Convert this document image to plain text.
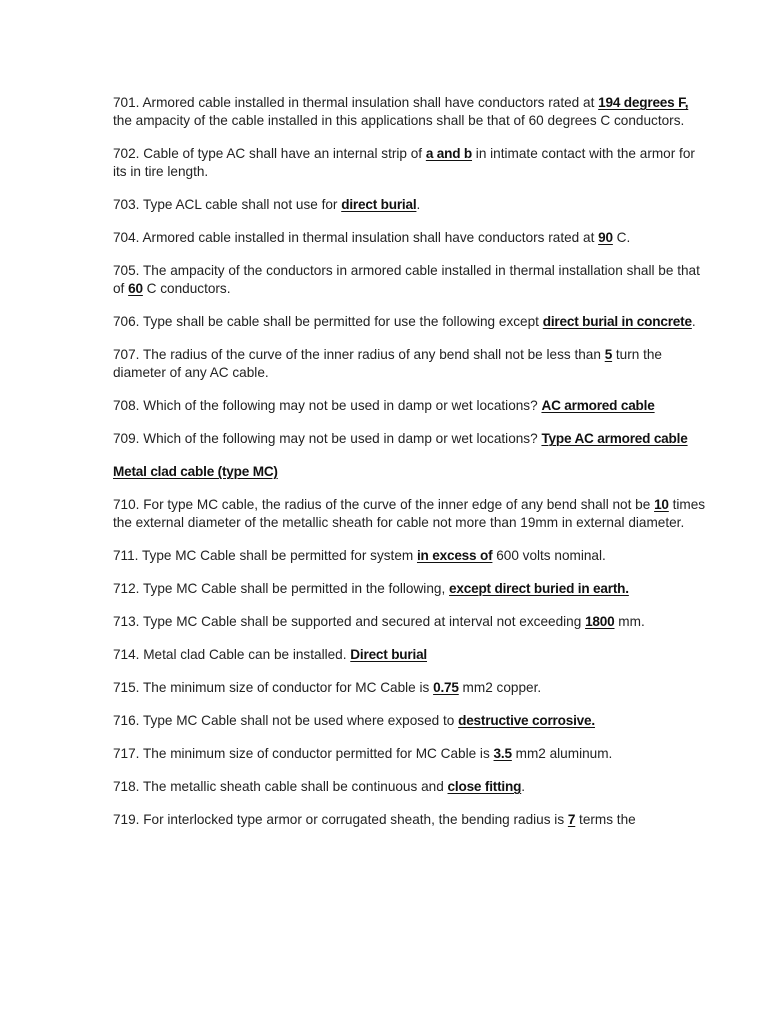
701. Armored cable installed in thermal insulation shall have conductors rated at 194 degrees F, the ampacity of the cable installed in this applications shall be that of 60 degrees C conductors.

702. Cable of type AC shall have an internal strip of a and b in intimate contact with the armor for its in tire length.

703. Type ACL cable shall not use for direct burial.

704. Armored cable installed in thermal insulation shall have conductors rated at 90 C.

705. The ampacity of the conductors in armored cable installed in thermal installation shall be that of 60 C conductors.

706. Type shall be cable shall be permitted for use the following except direct burial in concrete.

707. The radius of the curve of the inner radius of any bend shall not be less than 5 turn the diameter of any AC cable.

708. Which of the following may not be used in damp or wet locations? AC armored cable

709. Which of the following may not be used in damp or wet locations? Type AC armored cable

Metal clad cable (type MC)

710. For type MC cable, the radius of the curve of the inner edge of any bend shall not be 10 times the external diameter of the metallic sheath for cable not more than 19mm in external diameter.

711. Type MC Cable shall be permitted for system in excess of 600 volts nominal.

712. Type MC Cable shall be permitted in the following, except direct buried in earth.

713. Type MC Cable shall be supported and secured at interval not exceeding 1800 mm.

714. Metal clad Cable can be installed. Direct burial

715. The minimum size of conductor for MC Cable is 0.75 mm2 copper.

716. Type MC Cable shall not be used where exposed to destructive corrosive.

717. The minimum size of conductor permitted for MC Cable is 3.5 mm2 aluminum.

718. The metallic sheath cable shall be continuous and close fitting.

719. For interlocked type armor or corrugated sheath, the bending radius is 7 terms the
